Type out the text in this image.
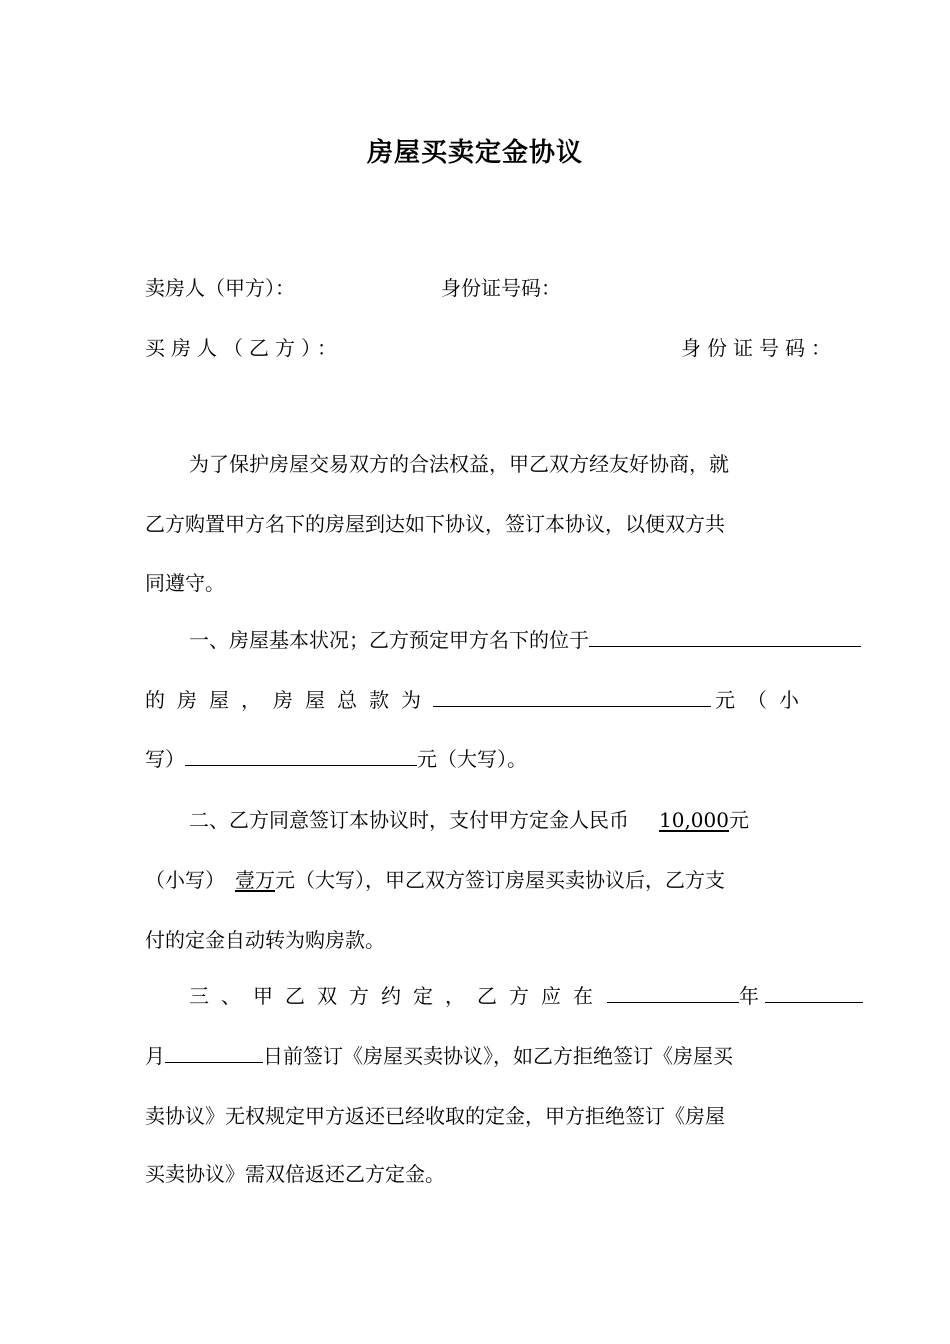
房屋买卖定金协议
卖房人（甲方）：	身份证号码：
买房人（乙方）：	身份证号码：
为了保护房屋交易双方的合法权益，甲乙双方经友好协商，就
乙方购置甲方名下的房屋到达如下协议，签订本协议，以便双方共
同遵守。
一、房屋基本状况；乙方预定甲方名下的位于
的房屋，房屋总款为	元（小
写）	元（大写）。
二、乙方同意签订本协议时，支付甲方定金人民币 10,000元
（小写） 壹万元（大写），甲乙双方签订房屋买卖协议后，乙方支
付的定金自动转为购房款。
三、甲乙双方约定，乙方应在	年
月	日前签订《房屋买卖协议》，如乙方拒绝签订《房屋买
卖协议》无权规定甲方返还已经收取的定金，甲方拒绝签订《房屋
买卖协议》需双倍返还乙方定金。
